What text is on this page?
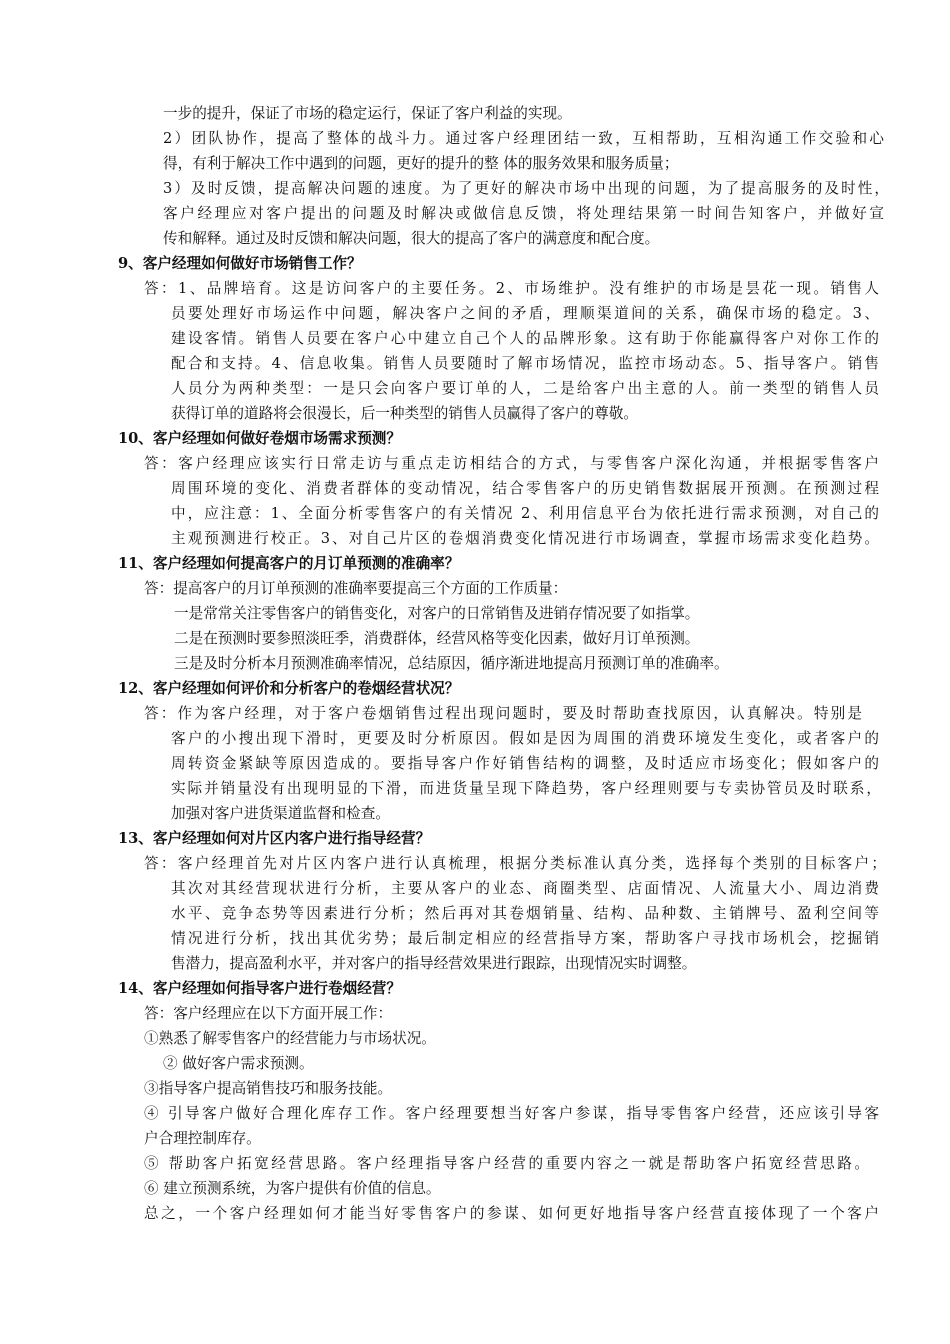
一步的提升，保证了市场的稳定运行，保证了客户利益的实现。
2）团队协作，提高了整体的战斗力。通过客户经理团结一致，互相帮助，互相沟通工作交验和心
得，有利于解决工作中遇到的问题，更好的提升的整 体的服务效果和服务质量；
3）及时反馈，提高解决问题的速度。为了更好的解决市场中出现的问题，为了提高服务的及时性，
客户经理应对客户提出的问题及时解决或做信息反馈，将处理结果第一时间告知客户，并做好宣
传和解释。通过及时反馈和解决问题，很大的提高了客户的满意度和配合度。
9、客户经理如何做好市场销售工作？
答：1、品牌培育。这是访问客户的主要任务。2、市场维护。没有维护的市场是昙花一现。销售人
员要处理好市场运作中问题，解决客户之间的矛盾，理顺渠道间的关系，确保市场的稳定。3、
建设客情。销售人员要在客户心中建立自己个人的品牌形象。这有助于你能赢得客户对你工作的
配合和支持。4、信息收集。销售人员要随时了解市场情况，监控市场动态。5、指导客户。销售
人员分为两种类型：一是只会向客户要订单的人，二是给客户出主意的人。前一类型的销售人员
获得订单的道路将会很漫长，后一种类型的销售人员赢得了客户的尊敬。
10、客户经理如何做好卷烟市场需求预测？
答：客户经理应该实行日常走访与重点走访相结合的方式，与零售客户深化沟通，并根据零售客户
周围环境的变化、消费者群体的变动情况，结合零售客户的历史销售数据展开预测。在预测过程
中，应注意：1、全面分析零售客户的有关情况 2、利用信息平台为依托进行需求预测，对自己的
主观预测进行校正。3、对自己片区的卷烟消费变化情况进行市场调查，掌握市场需求变化趋势。
11、客户经理如何提高客户的月订单预测的准确率？
答：提高客户的月订单预测的准确率要提高三个方面的工作质量：
一是常常关注零售客户的销售变化，对客户的日常销售及进销存情况要了如指掌。
二是在预测时要参照淡旺季，消费群体，经营风格等变化因素，做好月订单预测。
三是及时分析本月预测准确率情况，总结原因，循序渐进地提高月预测订单的准确率。
12、客户经理如何评价和分析客户的卷烟经营状况？
答：作为客户经理，对于客户卷烟销售过程出现问题时，要及时帮助查找原因，认真解决。特别是
客户的小搜出现下滑时，更要及时分析原因。假如是因为周围的消费环境发生变化，或者客户的
周转资金紧缺等原因造成的。要指导客户作好销售结构的调整，及时适应市场变化；假如客户的
实际并销量没有出现明显的下滑，而进货量呈现下降趋势，客户经理则要与专卖协管员及时联系，
加强对客户进货渠道监督和检查。
13、客户经理如何对片区内客户进行指导经营？
答：客户经理首先对片区内客户进行认真梳理，根据分类标准认真分类，选择每个类别的目标客户；
其次对其经营现状进行分析，主要从客户的业态、商圈类型、店面情况、人流量大小、周边消费
水平、竞争态势等因素进行分析；然后再对其卷烟销量、结构、品种数、主销牌号、盈利空间等
情况进行分析，找出其优劣势；最后制定相应的经营指导方案，帮助客户寻找市场机会，挖掘销
售潜力，提高盈利水平，并对客户的指导经营效果进行跟踪，出现情况实时调整。
14、客户经理如何指导客户进行卷烟经营？
答：客户经理应在以下方面开展工作：
①熟悉了解零售客户的经营能力与市场状况。
② 做好客户需求预测。
③指导客户提高销售技巧和服务技能。
④ 引导客户做好合理化库存工作。客户经理要想当好客户参谋，指导零售客户经营，还应该引导客
户合理控制库存。
⑤ 帮助客户拓宽经营思路。客户经理指导客户经营的重要内容之一就是帮助客户拓宽经营思路。
⑥ 建立预测系统，为客户提供有价值的信息。
总之，一个客户经理如何才能当好零售客户的参谋、如何更好地指导客户经营直接体现了一个客户
